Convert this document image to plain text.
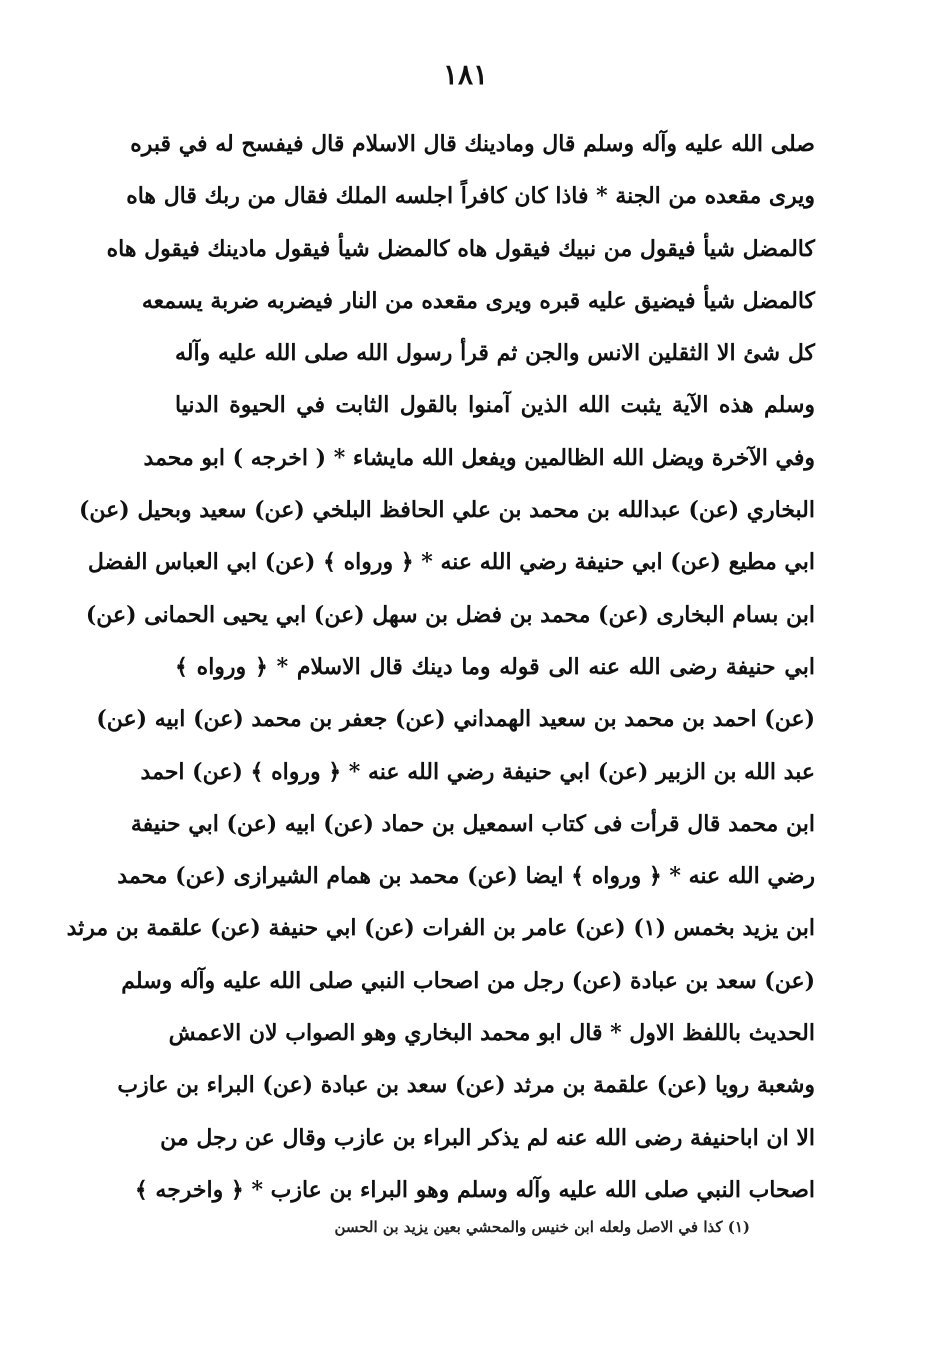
١٨١
صلى الله عليه وآله وسلم قال ومادينك قال الاسلام قال فيفسح له في قبره
ويرى مقعده من الجنة * فاذا كان كافراً اجلسه الملك فقال من ربك قال هاه
كالمضل شيأ فيقول من نبيك فيقول هاه كالمضل شيأ فيقول مادينك فيقول هاه
كالمضل شيأ فيضيق عليه قبره ويرى مقعده من النار فيضربه ضربة يسمعه
كل شئ الا الثقلين الانس والجن ثم قرأ رسول الله صلى الله عليه وآله
وسلم هذه الآية يثبت الله الذين آمنوا بالقول الثابت في الحيوة الدنيا
وفي الآخرة ويضل الله الظالمين ويفعل الله مايشاء * ( اخرجه ) ابو محمد
البخاري (عن) عبدالله بن محمد بن علي الحافظ البلخي (عن) سعيد وبحيل (عن)
ابي مطيع (عن) ابي حنيفة رضي الله عنه * ﴿ ورواه ﴾ (عن) ابي العباس الفضل
ابن بسام البخارى (عن) محمد بن فضل بن سهل (عن) ابي يحيى الحمانى (عن)
ابي حنيفة رضى الله عنه الى قوله وما دينك قال الاسلام * ﴿ ورواه ﴾
(عن) احمد بن محمد بن سعيد الهمداني (عن) جعفر بن محمد (عن) ابيه (عن)
عبد الله بن الزبير (عن) ابي حنيفة رضي الله عنه * ﴿ ورواه ﴾ (عن) احمد
ابن محمد قال قرأت فى كتاب اسمعيل بن حماد (عن) ابيه (عن) ابي حنيفة
رضي الله عنه * ﴿ ورواه ﴾ ايضا (عن) محمد بن همام الشيرازى (عن) محمد
ابن يزيد بخمس (١) (عن) عامر بن الفرات (عن) ابي حنيفة (عن) علقمة بن مرثد
(عن) سعد بن عبادة (عن) رجل من اصحاب النبي صلى الله عليه وآله وسلم
الحديث باللفظ الاول * قال ابو محمد البخاري وهو الصواب لان الاعمش
وشعبة رويا (عن) علقمة بن مرثد (عن) سعد بن عبادة (عن) البراء بن عازب
الا ان اباحنيفة رضى الله عنه لم يذكر البراء بن عازب وقال عن رجل من
اصحاب النبي صلى الله عليه وآله وسلم وهو البراء بن عازب * ﴿ واخرجه ﴾
(١) كذا في الاصل ولعله ابن خنيس والمحشي بعين يزيد بن الحسن
